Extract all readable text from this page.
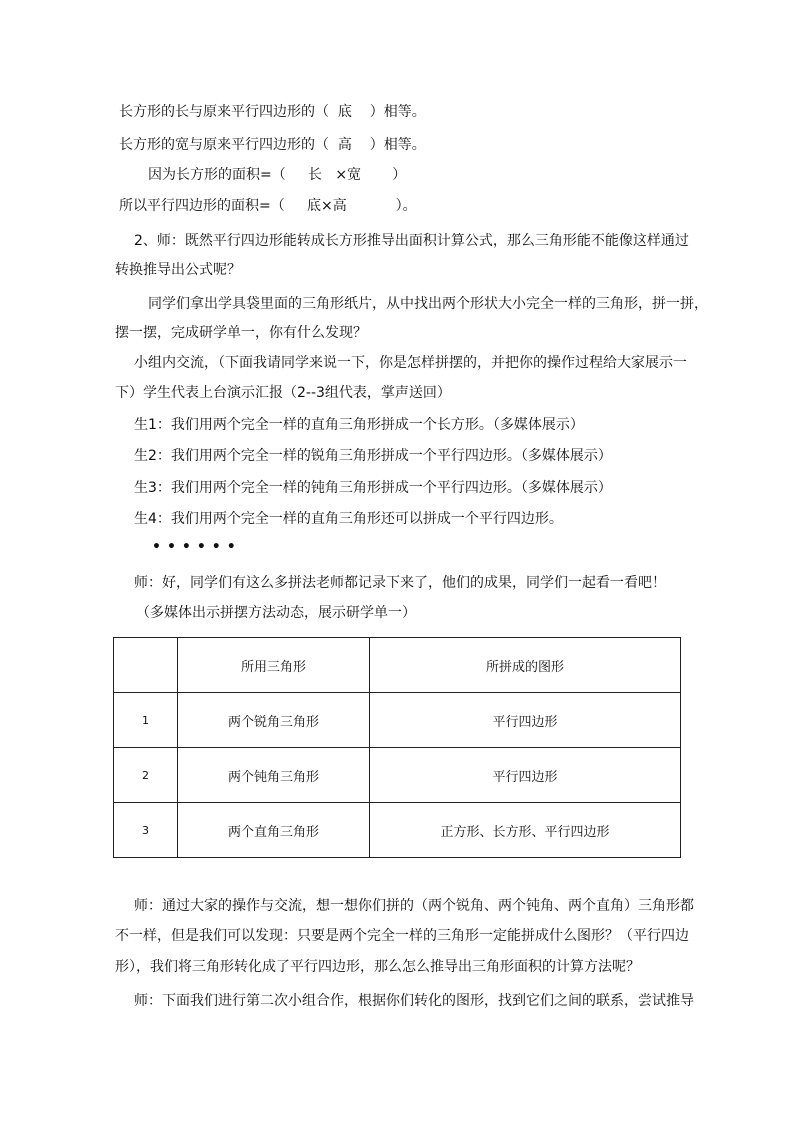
长方形的长与原来平行四边形的（  底    ）相等。
长方形的宽与原来平行四边形的（  高    ）相等。
因为长方形的面积=（     长   ×宽       ）
所以平行四边形的面积=（     底×高           ）。
2、师：既然平行四边形能转成长方形推导出面积计算公式，那么三角形能不能像这样通过
转换推导出公式呢？
同学们拿出学具袋里面的三角形纸片，从中找出两个形状大小完全一样的三角形，拼一拼，
摆一摆，完成研学单一，你有什么发现？
小组内交流，（下面我请同学来说一下，你是怎样拼摆的，并把你的操作过程给大家展示一
下）学生代表上台演示汇报（2--3组代表，掌声送回）
生1：我们用两个完全一样的直角三角形拼成一个长方形。（多媒体展示）
生2：我们用两个完全一样的锐角三角形拼成一个平行四边形。（多媒体展示）
生3：我们用两个完全一样的钝角三角形拼成一个平行四边形。（多媒体展示）
生4：我们用两个完全一样的直角三角形还可以拼成一个平行四边形。
••••••
师：好，同学们有这么多拼法老师都记录下来了，他们的成果，同学们一起看一看吧！
（多媒体出示拼摆方法动态，展示研学单一）
	所用三角形	所拼成的图形
1	两个锐角三角形	平行四边形
2	两个钝角三角形	平行四边形
3	两个直角三角形	正方形、长方形、平行四边形
师：通过大家的操作与交流，想一想你们拼的（两个锐角、两个钝角、两个直角）三角形都
不一样，但是我们可以发现：只要是两个完全一样的三角形一定能拼成什么图形？（平行四边
形），我们将三角形转化成了平行四边形，那么怎么推导出三角形面积的计算方法呢？
师：下面我们进行第二次小组合作，根据你们转化的图形，找到它们之间的联系，尝试推导
